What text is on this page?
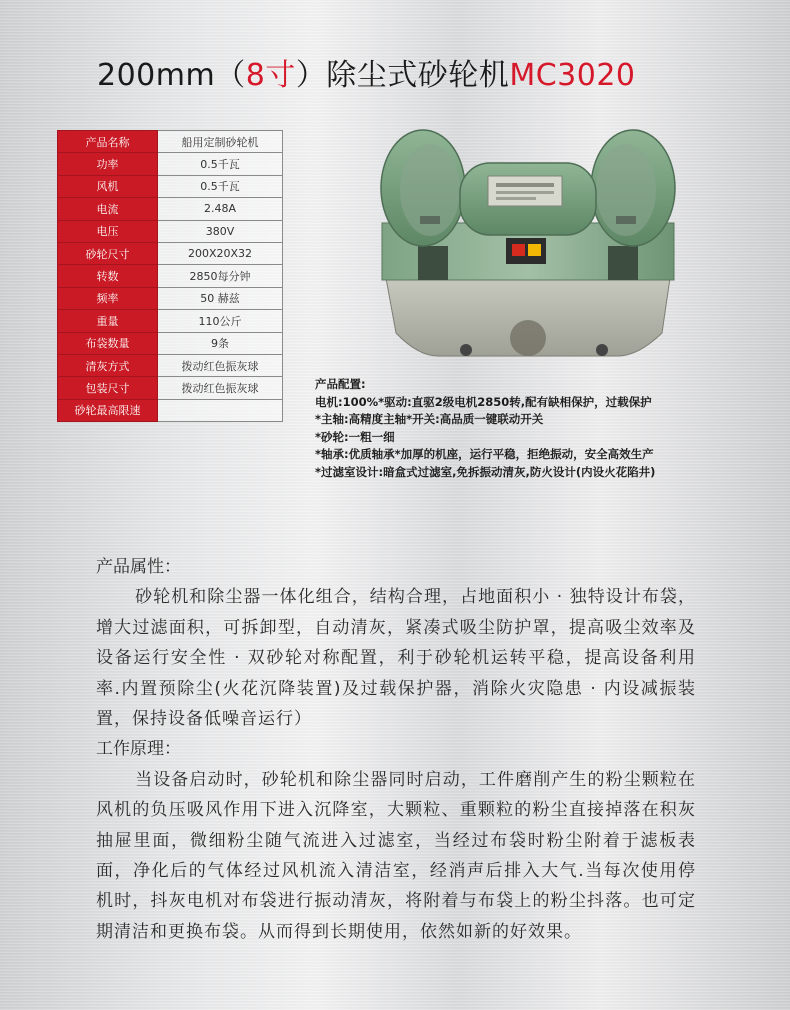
200mm（8寸）除尘式砂轮机MC3020
产品名称	船用定制砂轮机
功率	0.5千瓦
风机	0.5千瓦
电流	2.48A
电压	380V
砂轮尺寸	200X20X32
转数	2850每分钟
频率	50 赫兹
重量	110公斤
布袋数量	9条
清灰方式	拨动红色振灰球
包装尺寸	拨动红色振灰球
砂轮最高限速	
产品配置:
电机:100%*驱动:直驱2级电机2850转,配有缺相保护，过载保护
*主轴:高精度主轴*开关:高品质一键联动开关
*砂轮:一粗一细
*轴承:优质轴承*加厚的机座，运行平稳，拒绝振动，安全高效生产
*过滤室设计:暗盒式过滤室,免拆振动清灰,防火设计(内设火花陷井)
产品属性：

砂轮机和除尘器一体化组合，结构合理，占地面积小 · 独特设计布袋，增大过滤面积，可拆卸型，自动清灰，紧凑式吸尘防护罩，提高吸尘效率及设备运行安全性 · 双砂轮对称配置，利于砂轮机运转平稳，提高设备利用率.内置预除尘(火花沉降装置)及过载保护器，消除火灾隐患 · 内设减振装置，保持设备低噪音运行）

工作原理：

当设备启动时，砂轮机和除尘器同时启动，工件磨削产生的粉尘颗粒在风机的负压吸风作用下进入沉降室，大颗粒、重颗粒的粉尘直接掉落在积灰抽屉里面，微细粉尘随气流进入过滤室，当经过布袋时粉尘附着于滤板表面，净化后的气体经过风机流入清洁室，经消声后排入大气.当每次使用停机时，抖灰电机对布袋进行振动清灰，将附着与布袋上的粉尘抖落。也可定期清洁和更换布袋。从而得到长期使用，依然如新的好效果。
